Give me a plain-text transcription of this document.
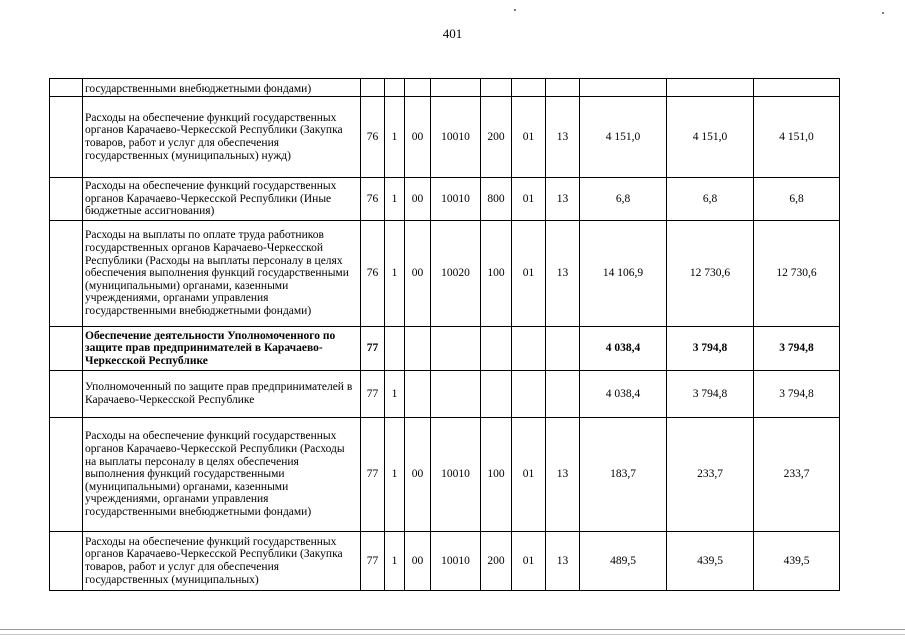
401
	государственными внебюджетными фондами)										
	Расходы на обеспечение функций государственных органов Карачаево-Черкесской Республики (Закупка товаров, работ и услуг для обеспечения государственных (муниципальных) нужд)	76	1	00	10010	200	01	13	4 151,0	4 151,0	4 151,0
	Расходы на обеспечение функций государственных органов Карачаево-Черкесской Республики (Иные бюджетные ассигнования)	76	1	00	10010	800	01	13	6,8	6,8	6,8
	Расходы на выплаты по оплате труда работников государственных органов Карачаево-Черкесской Республики (Расходы на выплаты персоналу в целях обеспечения выполнения функций государственными (муниципальными) органами, казенными учреждениями, органами управления государственными внебюджетными фондами)	76	1	00	10020	100	01	13	14 106,9	12 730,6	12 730,6
	Обеспечение деятельности Уполномоченного по защите прав предпринимателей в Карачаево-Черкесской Республике	77							4 038,4	3 794,8	3 794,8
	Уполномоченный по защите прав предпринимателей в Карачаево-Черкесской Республике	77	1						4 038,4	3 794,8	3 794,8
	Расходы на обеспечение функций государственных органов Карачаево-Черкесской Республики (Расходы на выплаты персоналу в целях обеспечения выполнения функций государственными (муниципальными) органами, казенными учреждениями, органами управления государственными внебюджетными фондами)	77	1	00	10010	100	01	13	183,7	233,7	233,7
	Расходы на обеспечение функций государственных органов Карачаево-Черкесской Республики (Закупка товаров, работ и услуг для обеспечения государственных (муниципальных)	77	1	00	10010	200	01	13	489,5	439,5	439,5
